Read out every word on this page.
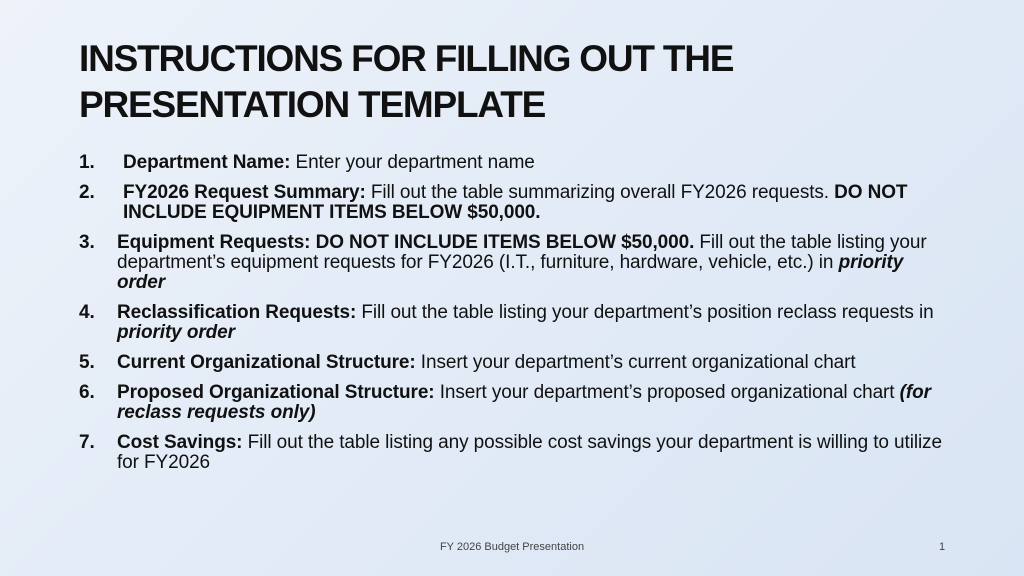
INSTRUCTIONS FOR FILLING OUT THE
PRESENTATION TEMPLATE
1. Department Name: Enter your department name
2. FY2026 Request Summary: Fill out the table summarizing overall FY2026 requests. DO NOT INCLUDE EQUIPMENT ITEMS BELOW $50,000.
3. Equipment Requests: DO NOT INCLUDE ITEMS BELOW $50,000. Fill out the table listing your department’s equipment requests for FY2026 (I.T., furniture, hardware, vehicle, etc.) in priority order
4. Reclassification Requests: Fill out the table listing your department’s position reclass requests in priority order
5. Current Organizational Structure: Insert your department’s current organizational chart
6. Proposed Organizational Structure: Insert your department’s proposed organizational chart (for reclass requests only)
7. Cost Savings: Fill out the table listing any possible cost savings your department is willing to utilize for FY2026

FY 2026 Budget Presentation	1
